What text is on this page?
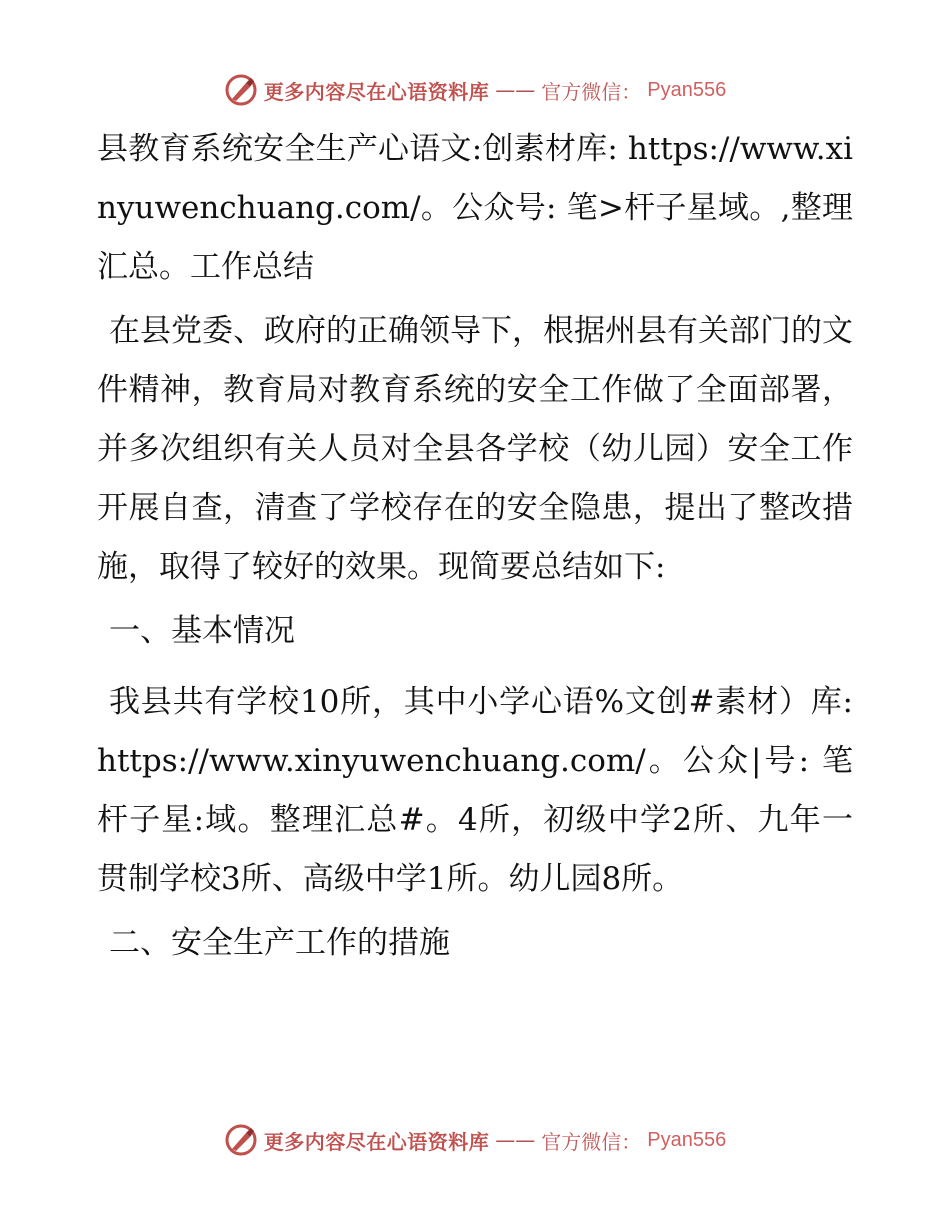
更多内容尽在心语资料库 —— 官方微信： Pyan556

县教育系统安全生产心语文:创素材库: https://www.xinyuwenchuang.com/。公众号: 笔>杆子星域。,整理汇总。工作总结

在县党委、政府的正确领导下，根据州县有关部门的文件精神，教育局对教育系统的安全工作做了全面部署，并多次组织有关人员对全县各学校（幼儿园）安全工作开展自查，清查了学校存在的安全隐患，提出了整改措施，取得了较好的效果。现简要总结如下:

一、基本情况

我县共有学校10所，其中小学心语%文创#素材）库: https://www.xinyuwenchuang.com/。公众|号: 笔杆子星:域。整理汇总#。4所，初级中学2所、九年一贯制学校3所、高级中学1所。幼儿园8所。

二、安全生产工作的措施

更多内容尽在心语资料库 —— 官方微信： Pyan556
